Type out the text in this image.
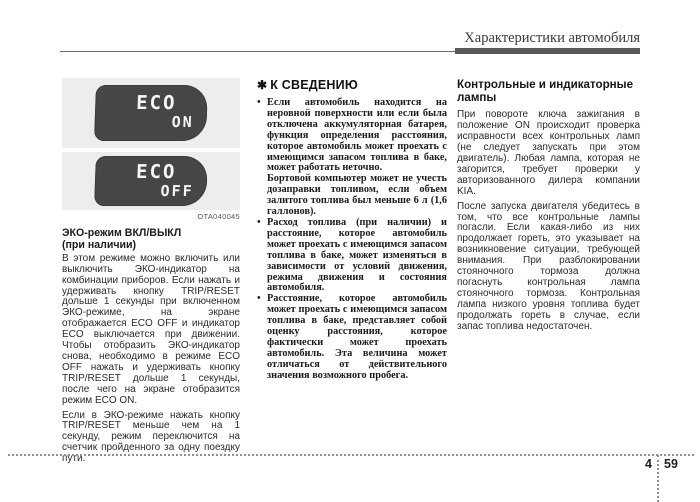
Характеристики автомобиля
ECO
ON
ECO
OFF
OTA040045
ЭКО-режим ВКЛ/ВЫКЛ
(при наличии)
В этом режиме можно включить или выключить ЭКО-индикатор на комбинации приборов. Если нажать и удерживать кнопку TRIP/RESET дольше 1 секунды при включенном ЭКО-режиме, на экране отображается ECO OFF и индикатор ECO выключается при движении. Чтобы отобразить ЭКО-индикатор снова, необходимо в режиме ECO OFF нажать и удерживать кнопку TRIP/RESET дольше 1 секунды, после чего на экране отобразится режим ECO ON.
Если в ЭКО-режиме нажать кнопку TRIP/RESET меньше чем на 1 секунду, режим переключится на счетчик пройденного за одну поездку пути.
✱ К СВЕДЕНИЮ
• Если автомобиль находится на неровной поверхности или если была отключена аккумуляторная батарея, функция определения расстояния, которое автомобиль может проехать с имеющимся запасом топлива в баке, может работать неточно.
Бортовой компьютер может не учесть дозаправки топливом, если объем залитого топлива был меньше 6 л (1,6 галлонов).
• Расход топлива (при наличии) и расстояние, которое автомобиль может проехать с имеющимся запасом топлива в баке, может изменяться в зависимости от условий движения, режима движения и состояния автомобиля.
• Расстояние, которое автомобиль может проехать с имеющимся запасом топлива в баке, представляет собой оценку расстояния, которое фактически может проехать автомобиль. Эта величина может отличаться от действительного значения возможного пробега.
Контрольные и индикаторные лампы
При повороте ключа зажигания в положение ON происходит проверка исправности всех контрольных ламп (не следует запускать при этом двигатель). Любая лампа, которая не загорится, требует проверки у авторизованного дилера компании KIA.
После запуска двигателя убедитесь в том, что все контрольные лампы погасли. Если какая-либо из них продолжает гореть, это указывает на возникновение ситуации, требующей внимания. При разблокировании стояночного тормоза должна погаснуть контрольная лампа стояночного тормоза. Контрольная лампа низкого уровня топлива будет продолжать гореть в случае, если запас топлива недостаточен.
4 59
